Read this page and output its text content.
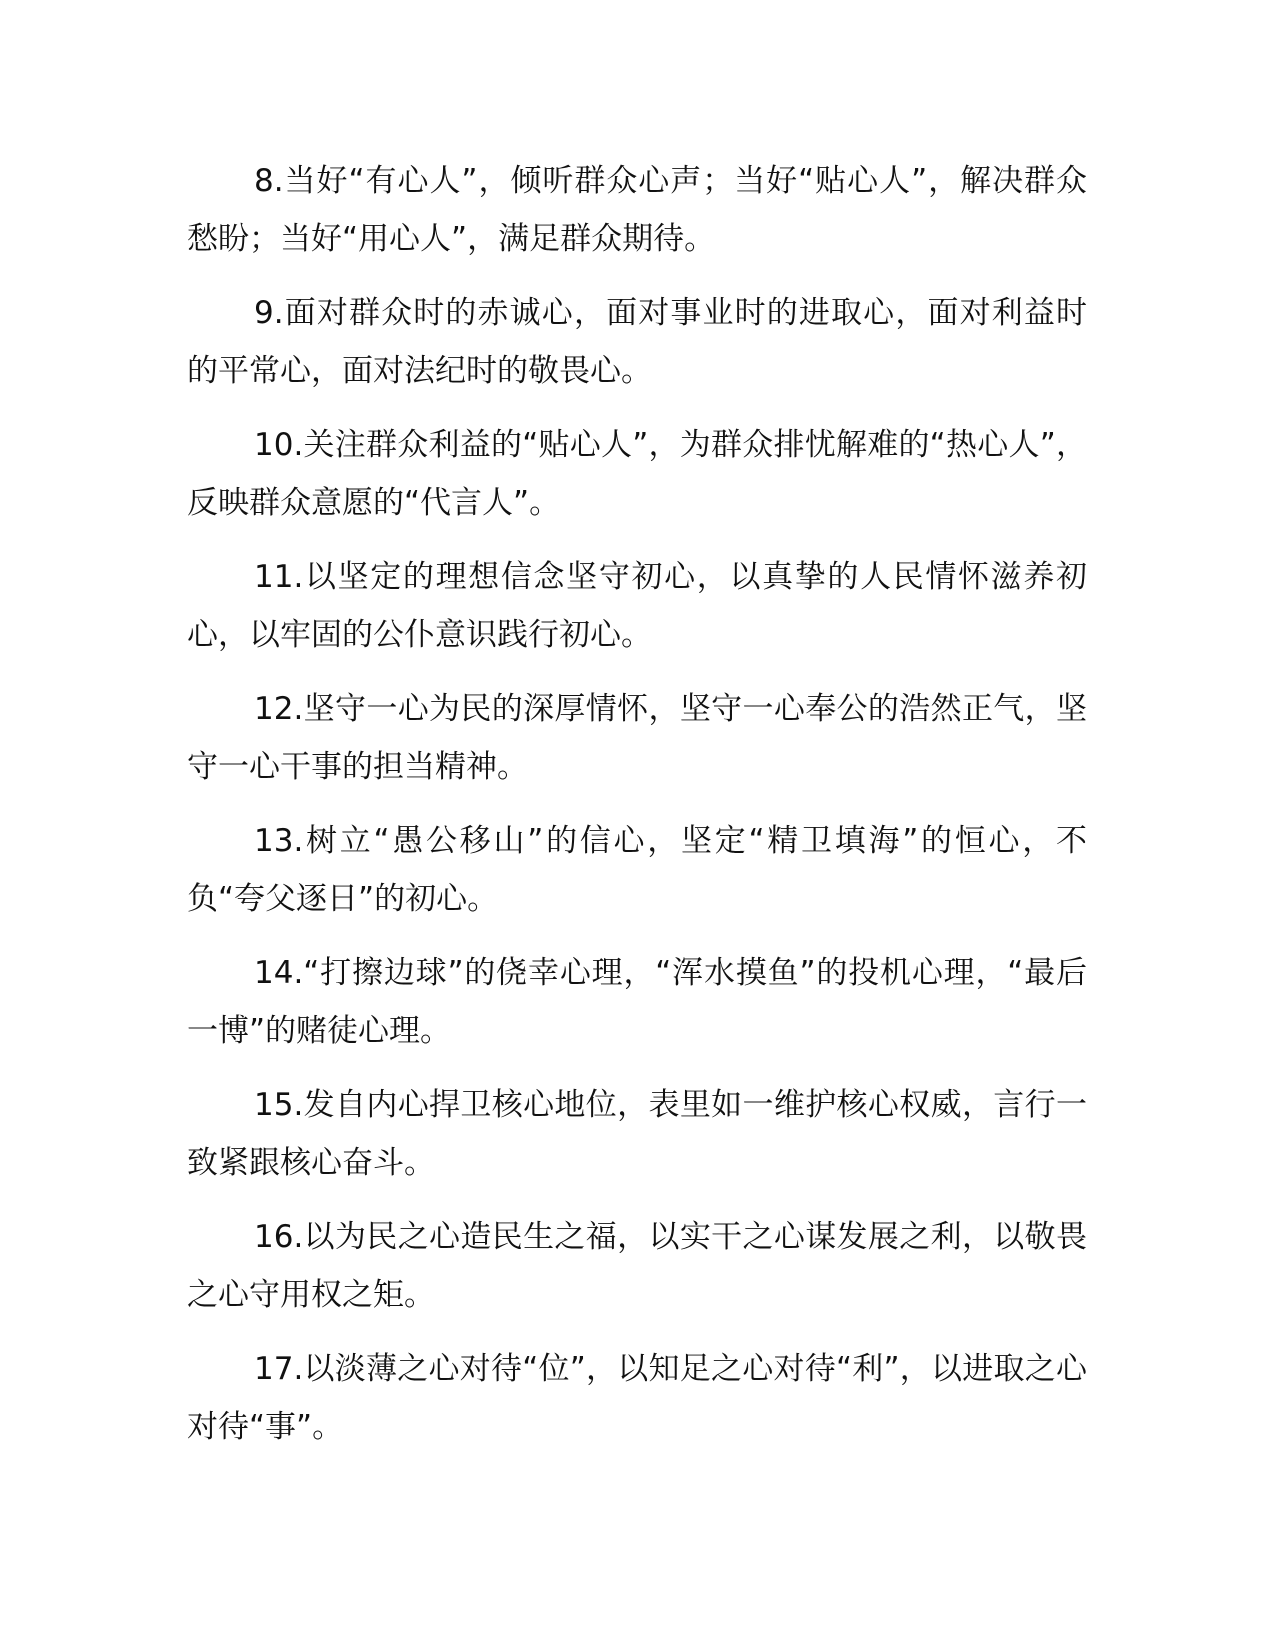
8.当好“有心人”，倾听群众心声；当好“贴心人”，解决群众愁盼；当好“用心人”，满足群众期待。

9.面对群众时的赤诚心，面对事业时的进取心，面对利益时的平常心，面对法纪时的敬畏心。

10.关注群众利益的“贴心人”，为群众排忧解难的“热心人”，反映群众意愿的“代言人”。

11.以坚定的理想信念坚守初心，以真挚的人民情怀滋养初心，以牢固的公仆意识践行初心。

12.坚守一心为民的深厚情怀，坚守一心奉公的浩然正气，坚守一心干事的担当精神。

13.树立“愚公移山”的信心，坚定“精卫填海”的恒心，不负“夸父逐日”的初心。

14.“打擦边球”的侥幸心理，“浑水摸鱼”的投机心理，“最后一博”的赌徒心理。

15.发自内心捍卫核心地位，表里如一维护核心权威，言行一致紧跟核心奋斗。

16.以为民之心造民生之福，以实干之心谋发展之利，以敬畏之心守用权之矩。

17.以淡薄之心对待“位”，以知足之心对待“利”，以进取之心对待“事”。
